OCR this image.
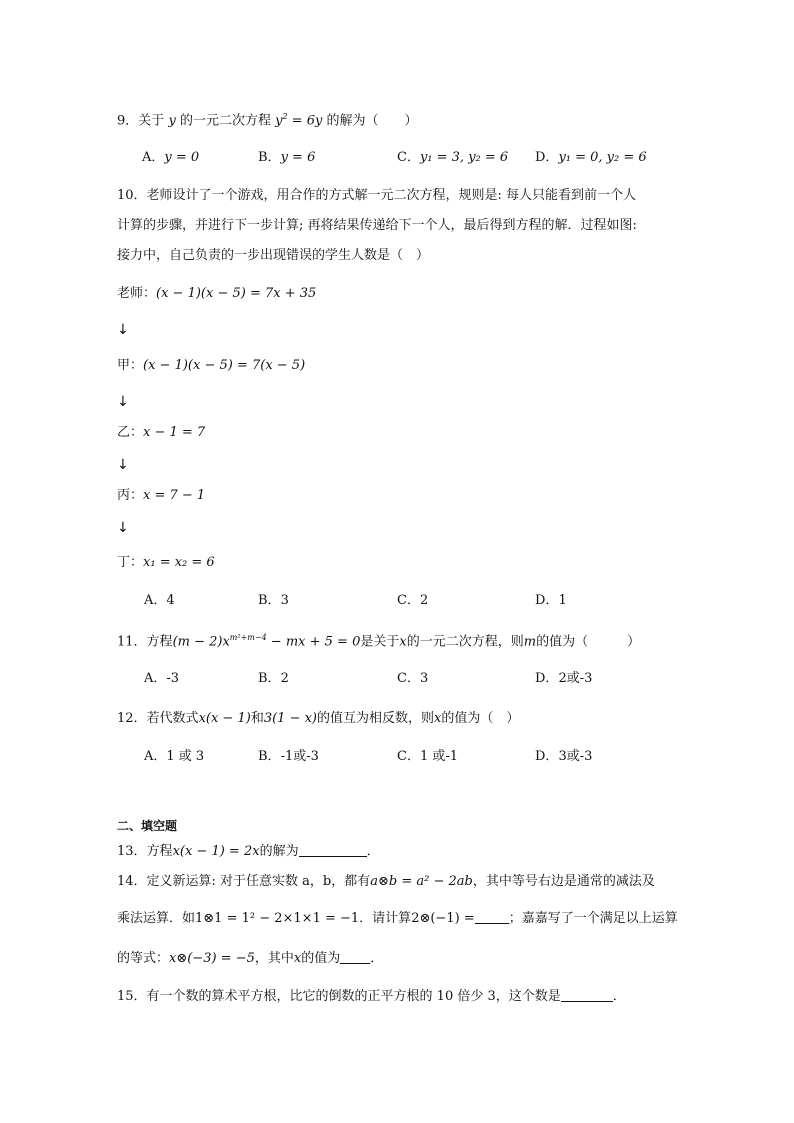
9．关于 y 的一元二次方程 $y^2 = 6y$ 的解为（　　）
A．y = 0	B．y = 6	C．y₁ = 3, y₂ = 6 D．y₁ = 0, y₂ = 6
10．老师设计了一个游戏，用合作的方式解一元二次方程，规则是: 每人只能看到前一个人
计算的步骤，并进行下一步计算; 再将结果传递给下一个人，最后得到方程的解．过程如图:
接力中，自己负责的一步出现错误的学生人数是（　）
老师：(x − 1)(x − 5) = 7x + 35
↓
甲：(x − 1)(x − 5) = 7(x − 5)
↓
乙：x − 1 = 7
↓
丙：x = 7 − 1
↓
丁：x₁ = x₂ = 6
A．4	B．3	C．2	D．1
11．方程$(m - 2)x^{m^2+m-4}$ − mx + 5 = 0是关于x的一元二次方程，则m的值为（　　　）
A．-3	B．2	C．3	D．2或-3
12．若代数式x(x − 1)和3(1 − x)的值互为相反数，则x的值为（　）
A．1 或 3	B．-1或-3	C．1 或-1	D．3或-3
二、填空题
13．方程x(x − 1) = 2x的解为	．
14．定义新运算: 对于任意实数 a，b，都有a⊗b = a² − 2ab，其中等号右边是通常的减法及
乘法运算．如1⊗1 = 1² − 2×1×1 = −1．请计算2⊗(−1) =	；嘉嘉写了一个满足以上运算
的等式：x⊗(−3) = −5，其中x的值为 ．
15．有一个数的算术平方根，比它的倒数的正平方根的 10 倍少 3，这个数是	．
